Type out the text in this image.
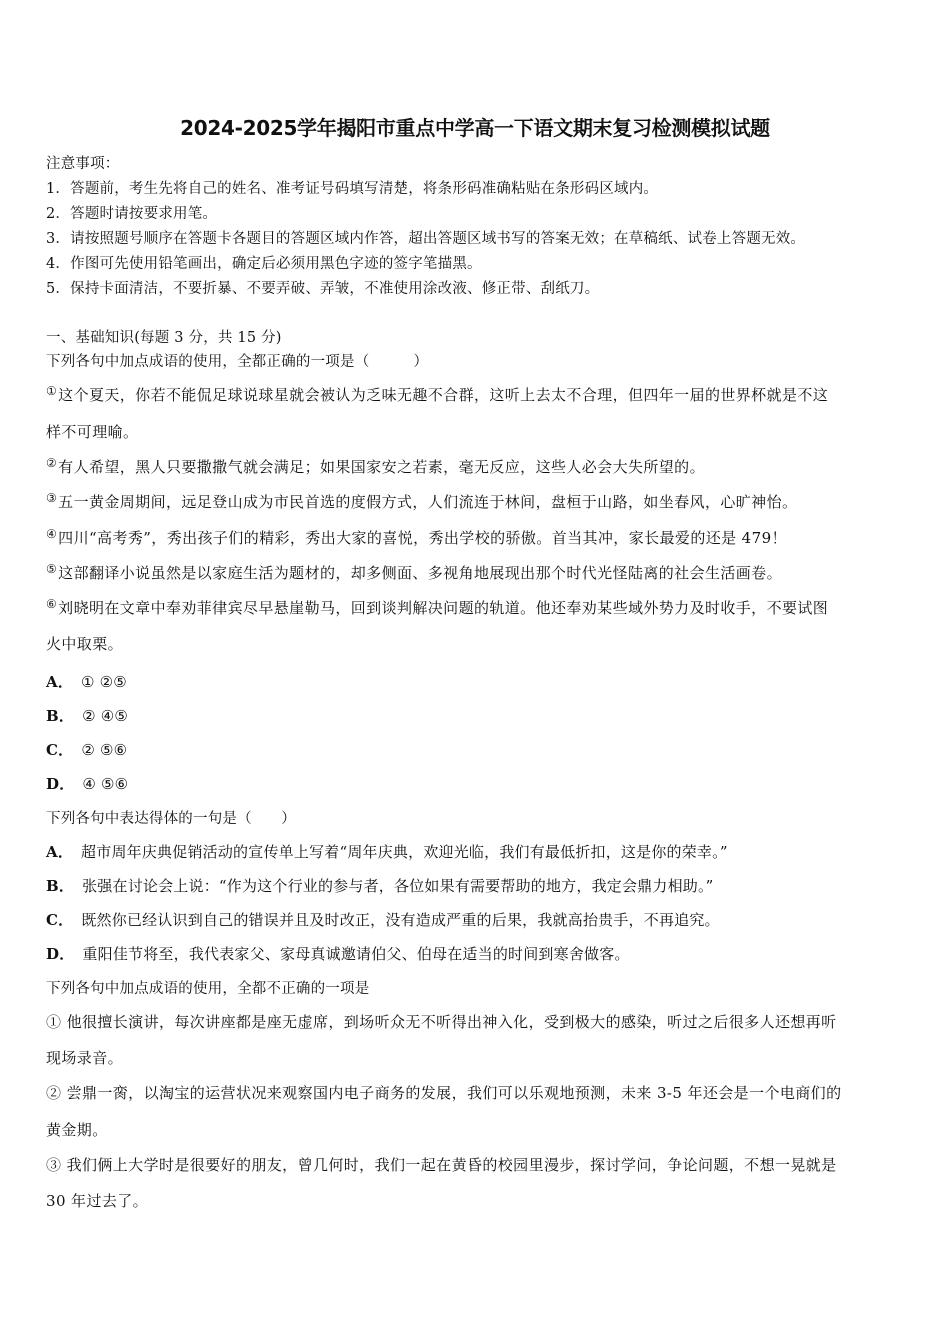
2024-2025学年揭阳市重点中学高一下语文期末复习检测模拟试题
注意事项：
1．答题前，考生先将自己的姓名、准考证号码填写清楚，将条形码准确粘贴在条形码区域内。
2．答题时请按要求用笔。
3．请按照题号顺序在答题卡各题目的答题区域内作答，超出答题区域书写的答案无效；在草稿纸、试卷上答题无效。
4．作图可先使用铅笔画出，确定后必须用黑色字迹的签字笔描黑。
5．保持卡面清洁，不要折暴、不要弄破、弄皱，不准使用涂改液、修正带、刮纸刀。
一、基础知识(每题 3 分，共 15 分)
下列各句中加点成语的使用，全都正确的一项是（　　　）
①这个夏天，你若不能侃足球说球星就会被认为乏味无趣不合群，这听上去太不合理，但四年一届的世界杯就是不这
样不可理喻。
②有人希望，黑人只要撒撒气就会满足；如果国家安之若素，毫无反应，这些人必会大失所望的。
③五一黄金周期间，远足登山成为市民首选的度假方式，人们流连于林间，盘桓于山路，如坐春风，心旷神怡。
④四川“高考秀”，秀出孩子们的精彩，秀出大家的喜悦，秀出学校的骄傲。首当其冲，家长最爱的还是 479！
⑤这部翻译小说虽然是以家庭生活为题材的，却多侧面、多视角地展现出那个时代光怪陆离的社会生活画卷。
⑥刘晓明在文章中奉劝菲律宾尽早悬崖勒马，回到谈判解决问题的轨道。他还奉劝某些域外势力及时收手，不要试图
火中取栗。
A． ① ②⑤
B． ② ④⑤
C． ② ⑤⑥
D． ④ ⑤⑥
下列各句中表达得体的一句是（　　）
A． 超市周年庆典促销活动的宣传单上写着“周年庆典，欢迎光临，我们有最低折扣，这是你的荣幸。”
B． 张强在讨论会上说：“作为这个行业的参与者，各位如果有需要帮助的地方，我定会鼎力相助。”
C． 既然你已经认识到自己的错误并且及时改正，没有造成严重的后果，我就高抬贵手，不再追究。
D． 重阳佳节将至，我代表家父、家母真诚邀请伯父、伯母在适当的时间到寒舍做客。
下列各句中加点成语的使用，全都不正确的一项是
① 他很擅长演讲，每次讲座都是座无虚席，到场听众无不听得出神入化，受到极大的感染，听过之后很多人还想再听
现场录音。
② 尝鼎一脔，以淘宝的运营状况来观察国内电子商务的发展，我们可以乐观地预测，未来 3-5 年还会是一个电商们的
黄金期。
③ 我们俩上大学时是很要好的朋友，曾几何时，我们一起在黄昏的校园里漫步，探讨学问，争论问题，不想一晃就是
30 年过去了。
